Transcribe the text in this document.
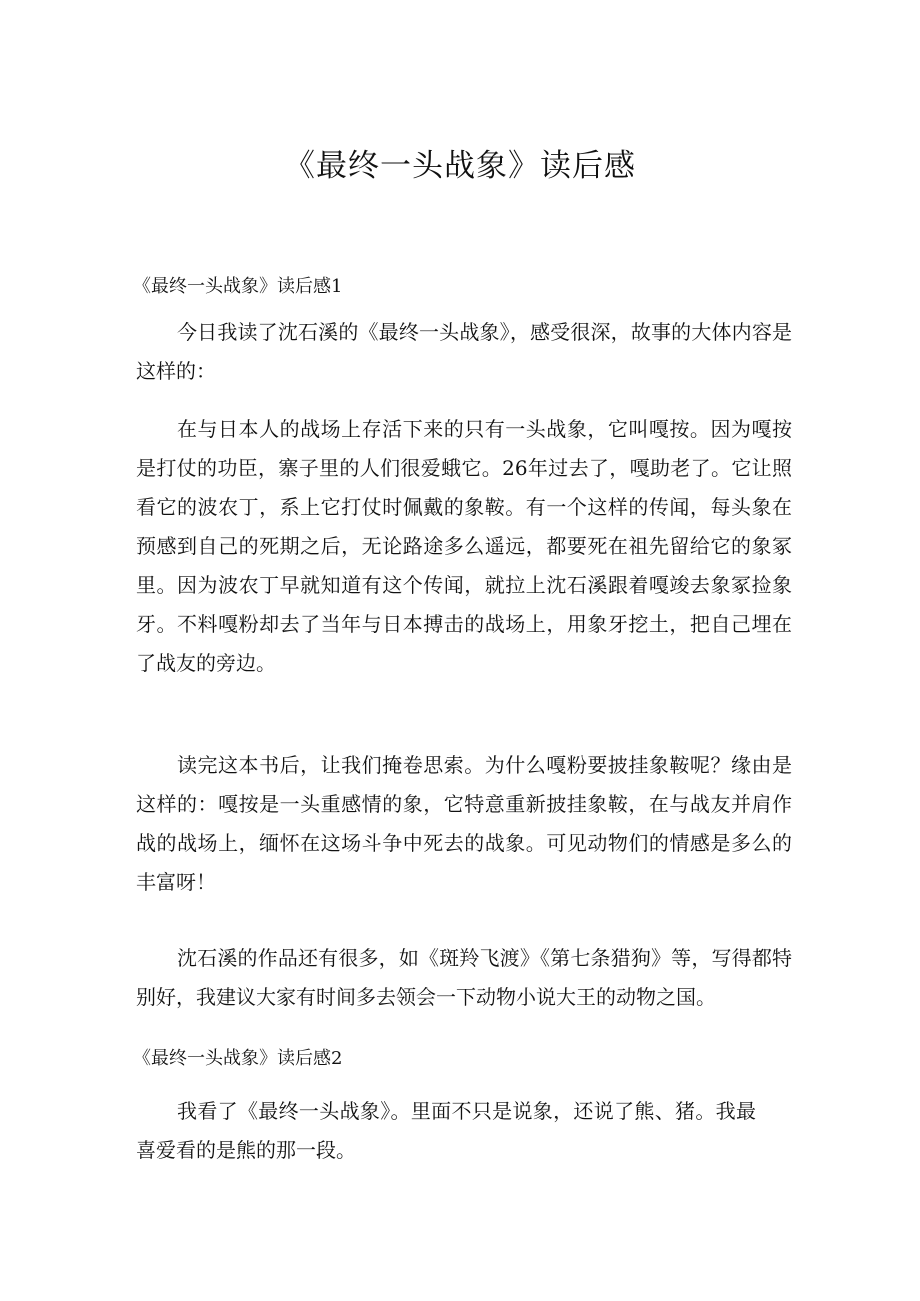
《最终一头战象》读后感
《最终一头战象》读后感1

今日我读了沈石溪的《最终一头战象》，感受很深，故事的大体内容是这样的：

在与日本人的战场上存活下来的只有一头战象，它叫嘎按。因为嘎按是打仗的功臣，寨子里的人们很爱蛾它。26年过去了，嘎助老了。它让照看它的波农丁，系上它打仗时佩戴的象鞍。有一个这样的传闻，每头象在预感到自己的死期之后，无论路途多么遥远，都要死在祖先留给它的象冢里。因为波农丁早就知道有这个传闻，就拉上沈石溪跟着嘎竣去象冢捡象牙。不料嘎粉却去了当年与日本搏击的战场上，用象牙挖土，把自己埋在了战友的旁边。

读完这本书后，让我们掩卷思索。为什么嘎粉要披挂象鞍呢？缘由是这样的：嘎按是一头重感情的象，它特意重新披挂象鞍，在与战友并肩作战的战场上，缅怀在这场斗争中死去的战象。可见动物们的情感是多么的丰富呀！

沈石溪的作品还有很多，如《斑羚飞渡》《第七条猎狗》等，写得都特别好，我建议大家有时间多去领会一下动物小说大王的动物之国。

《最终一头战象》读后感2

我看了《最终一头战象》。里面不只是说象，还说了熊、猪。我最喜爱看的是熊的那一段。
